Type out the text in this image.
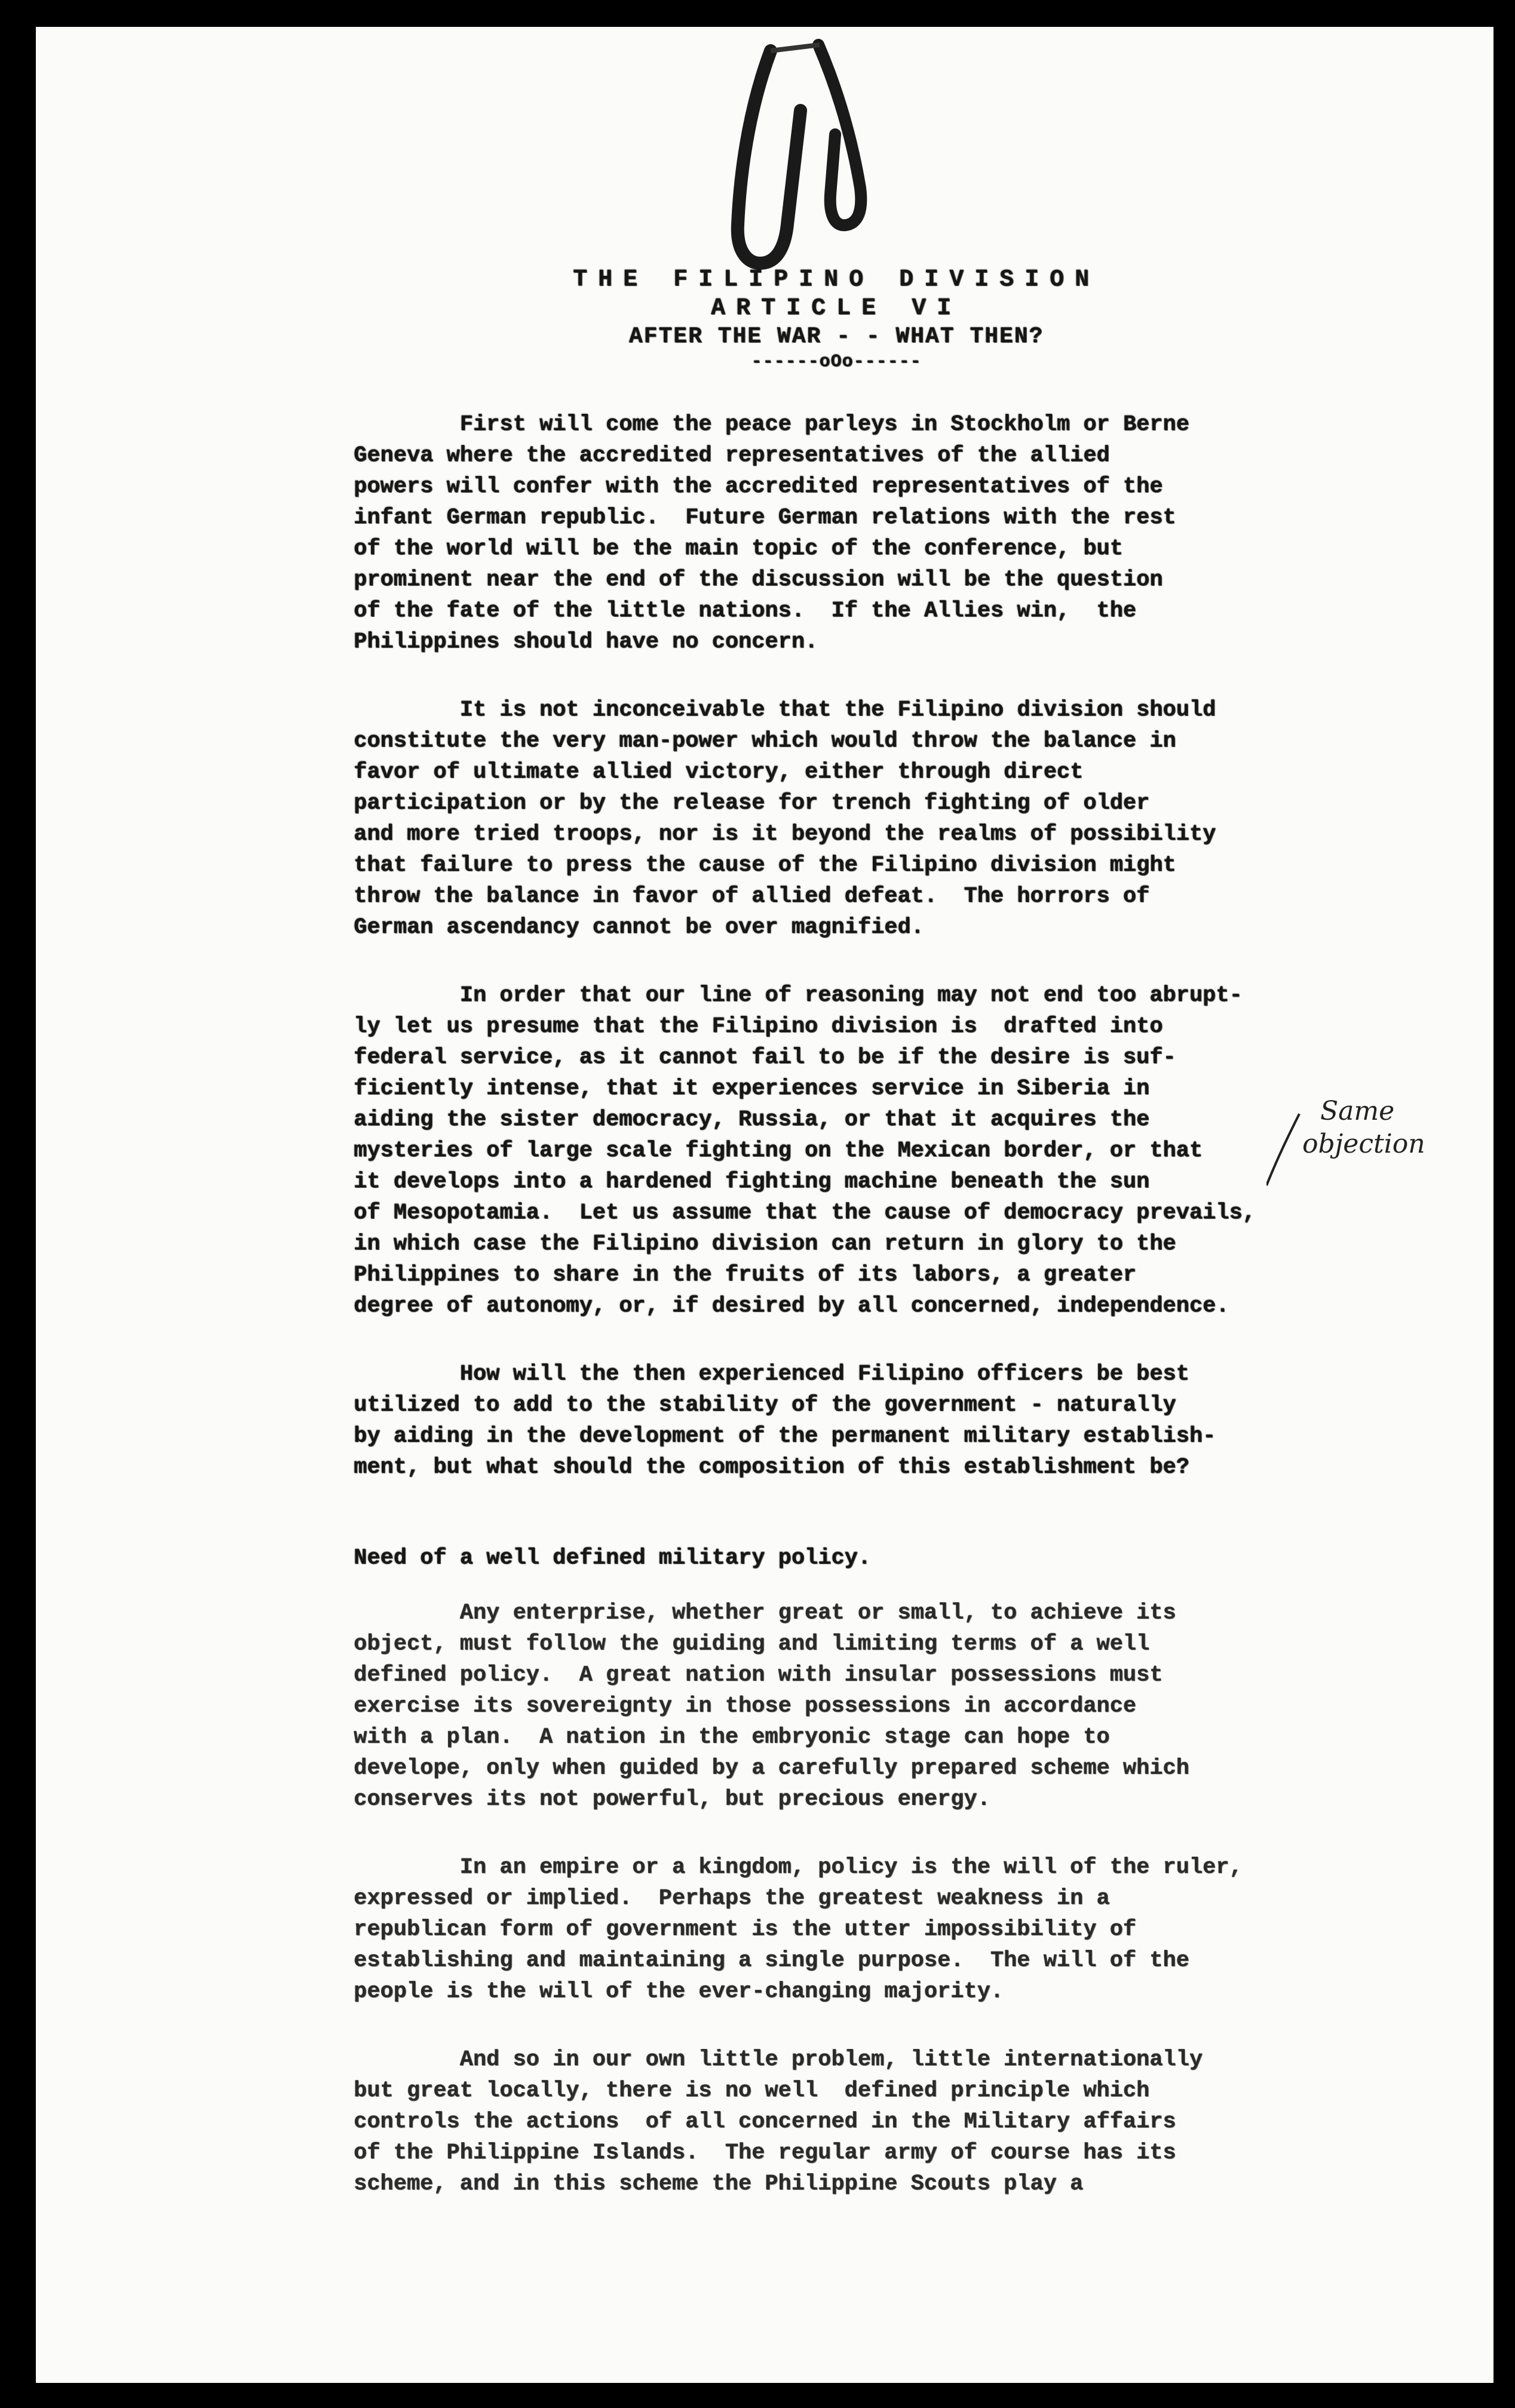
THE FILIPINO DIVISION
ARTICLE VI
AFTER THE WAR - - WHAT THEN?
------oOo------
First will come the peace parleys in Stockholm or Berne
Geneva where the accredited representatives of the allied
powers will confer with the accredited representatives of the
infant German republic.  Future German relations with the rest
of the world will be the main topic of the conference, but
prominent near the end of the discussion will be the question
of the fate of the little nations.  If the Allies win,  the
Philippines should have no concern.
It is not inconceivable that the Filipino division should
constitute the very man-power which would throw the balance in
favor of ultimate allied victory, either through direct
participation or by the release for trench fighting of older
and more tried troops, nor is it beyond the realms of possibility
that failure to press the cause of the Filipino division might
throw the balance in favor of allied defeat.  The horrors of
German ascendancy cannot be over magnified.
In order that our line of reasoning may not end too abrupt-
ly let us presume that the Filipino division is  drafted into
federal service, as it cannot fail to be if the desire is suf-
ficiently intense, that it experiences service in Siberia in
aiding the sister democracy, Russia, or that it acquires the
mysteries of large scale fighting on the Mexican border, or that
it develops into a hardened fighting machine beneath the sun
of Mesopotamia.  Let us assume that the cause of democracy prevails,
in which case the Filipino division can return in glory to the
Philippines to share in the fruits of its labors, a greater
degree of autonomy, or, if desired by all concerned, independence.
How will the then experienced Filipino officers be best
utilized to add to the stability of the government - naturally
by aiding in the development of the permanent military establish-
ment, but what should the composition of this establishment be?
Need of a well defined military policy.
Any enterprise, whether great or small, to achieve its
object, must follow the guiding and limiting terms of a well
defined policy.  A great nation with insular possessions must
exercise its sovereignty in those possessions in accordance
with a plan.  A nation in the embryonic stage can hope to
develope, only when guided by a carefully prepared scheme which
conserves its not powerful, but precious energy.
In an empire or a kingdom, policy is the will of the ruler,
expressed or implied.  Perhaps the greatest weakness in a
republican form of government is the utter impossibility of
establishing and maintaining a single purpose.  The will of the
people is the will of the ever-changing majority.
And so in our own little problem, little internationally
but great locally, there is no well  defined principle which
controls the actions  of all concerned in the Military affairs
of the Philippine Islands.  The regular army of course has its
scheme, and in this scheme the Philippine Scouts play a
Same
objection
